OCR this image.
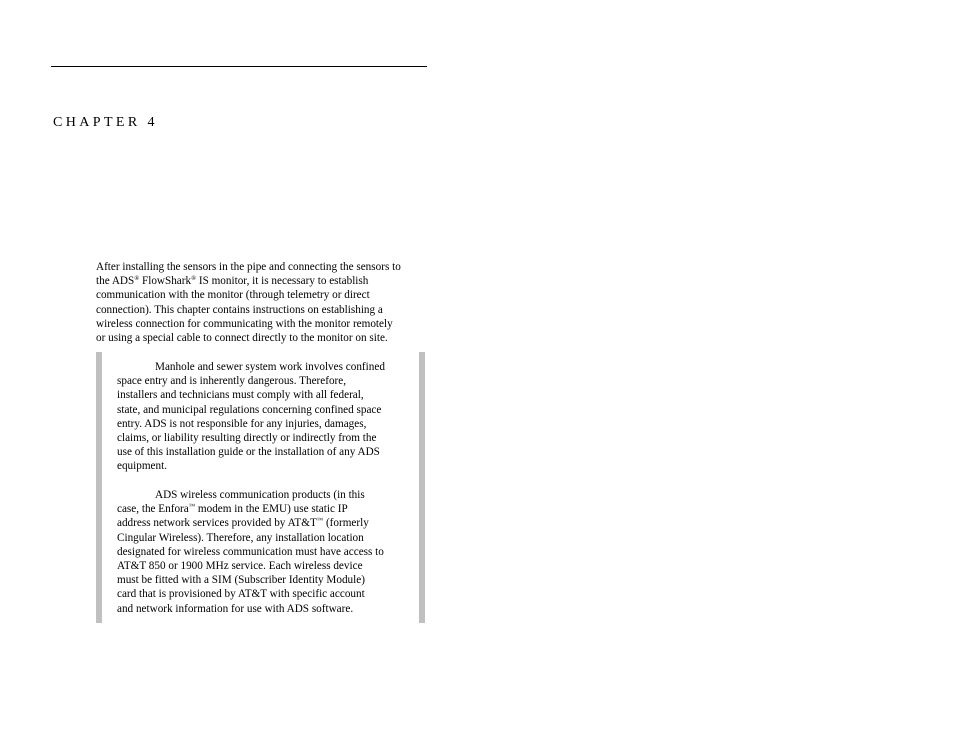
CHAPTER 4
After installing the sensors in the pipe and connecting the sensors to
the ADS® FlowShark® IS monitor, it is necessary to establish
communication with the monitor (through telemetry or direct
connection). This chapter contains instructions on establishing a
wireless connection for communicating with the monitor remotely
or using a special cable to connect directly to the monitor on site.
Manhole and sewer system work involves confined
space entry and is inherently dangerous. Therefore,
installers and technicians must comply with all federal,
state, and municipal regulations concerning confined space
entry. ADS is not responsible for any injuries, damages,
claims, or liability resulting directly or indirectly from the
use of this installation guide or the installation of any ADS
equipment.
ADS wireless communication products (in this
case, the Enfora™ modem in the EMU) use static IP
address network services provided by AT&T™ (formerly
Cingular Wireless). Therefore, any installation location
designated for wireless communication must have access to
AT&T 850 or 1900 MHz service. Each wireless device
must be fitted with a SIM (Subscriber Identity Module)
card that is provisioned by AT&T with specific account
and network information for use with ADS software.
